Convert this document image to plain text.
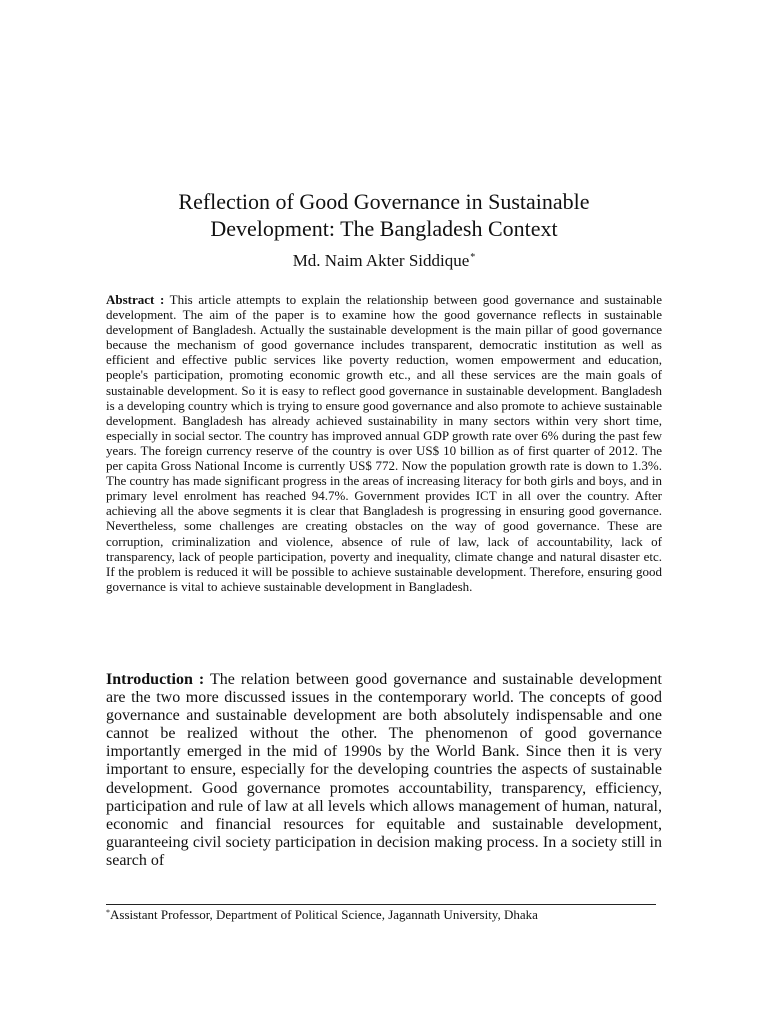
Reflection of Good Governance in Sustainable
Development: The Bangladesh Context
Md. Naim Akter Siddique*

Abstract : This article attempts to explain the relationship between good governance and sustainable development. The aim of the paper is to examine how the good governance reflects in sustainable development of Bangladesh. Actually the sustainable development is the main pillar of good governance because the mechanism of good governance includes transparent, democratic institution as well as efficient and effective public services like poverty reduction, women empowerment and education, people's participation, promoting economic growth etc., and all these services are the main goals of sustainable development. So it is easy to reflect good governance in sustainable development. Bangladesh is a developing country which is trying to ensure good governance and also promote to achieve sustainable development. Bangladesh has already achieved sustainability in many sectors within very short time, especially in social sector. The country has improved annual GDP growth rate over 6% during the past few years. The foreign currency reserve of the country is over US$ 10 billion as of first quarter of 2012. The per capita Gross National Income is currently US$ 772. Now the population growth rate is down to 1.3%. The country has made significant progress in the areas of increasing literacy for both girls and boys, and in primary level enrolment has reached 94.7%. Government provides ICT in all over the country. After achieving all the above segments it is clear that Bangladesh is progressing in ensuring good governance. Nevertheless, some challenges are creating obstacles on the way of good governance. These are corruption, criminalization and violence, absence of rule of law, lack of accountability, lack of transparency, lack of people participation, poverty and inequality, climate change and natural disaster etc. If the problem is reduced it will be possible to achieve sustainable development. Therefore, ensuring good governance is vital to achieve sustainable development in Bangladesh.

Introduction : The relation between good governance and sustainable development are the two more discussed issues in the contemporary world. The concepts of good governance and sustainable development are both absolutely indispensable and one cannot be realized without the other. The phenomenon of good governance importantly emerged in the mid of 1990s by the World Bank. Since then it is very important to ensure, especially for the developing countries the aspects of sustainable development. Good governance promotes accountability, transparency, efficiency, participation and rule of law at all levels which allows management of human, natural, economic and financial resources for equitable and sustainable development, guaranteeing civil society participation in decision making process. In a society still in search of

*Assistant Professor, Department of Political Science, Jagannath University, Dhaka
